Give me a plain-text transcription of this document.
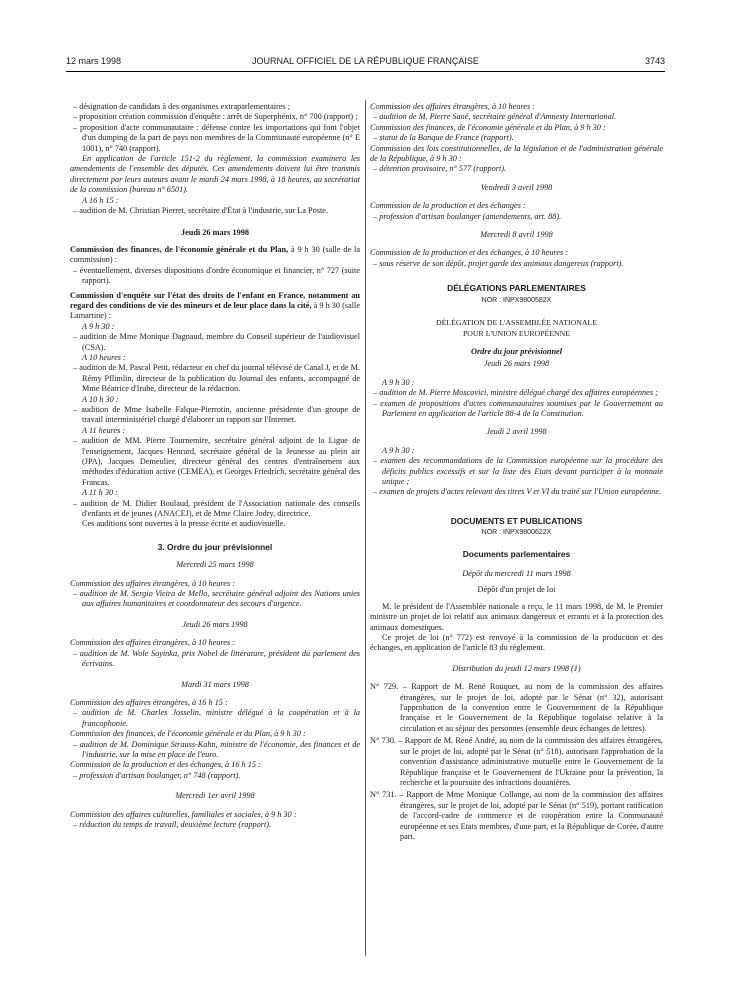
12 mars 1998	JOURNAL OFFICIEL DE LA RÉPUBLIQUE FRANÇAISE	3743

– désignation de candidats à des organismes extraparlementaires ;

– proposition création commission d'enquête : arrêt de Superphénix, n° 700 (rapport) ;

– proposition d'acte communautaire : défense contre les importations qui font l'objet d'un dumping de la part de pays non membres de la Communauté européenne (n° E 1001), n° 740 (rapport).

En application de l'article 151-2 du règlement, la commission examinera les amendements de l'ensemble des députés. Ces amendements doivent lui être transmis directement par leurs auteurs avant le mardi 24 mars 1998, à 18 heures, au secrétariat de la commission (bureau n° 6501).

A 16 h 15 :

– audition de M. Christian Pierret, secrétaire d'État à l'industrie, sur La Poste.

Jeudi 26 mars 1998

Commission des finances, de l'économie générale et du Plan, à 9 h 30 (salle de la commission) :

– éventuellement, diverses dispositions d'ordre économique et financier, n° 727 (suite rapport).

Commission d'enquête sur l'état des droits de l'enfant en France, notamment au regard des conditions de vie des mineurs et de leur place dans la cité, à 9 h 30 (salle Lamartine) :

A 9 h 30 :

– audition de Mme Monique Dagnaud, membre du Conseil supérieur de l'audiovisuel (CSA).

A 10 heures :

– audition de M. Pascal Petit, rédacteur en chef du journal télévisé de Canal J, et de M. Rémy Pflimlin, directeur de la publication du Journal des enfants, accompagné de Mme Béatrice d'Irube, directeur de la rédaction.

A 10 h 30 :

– audition de Mme Isabelle Falque-Pierrotin, ancienne présidente d'un groupe de travail interministériel chargé d'élaborer un rapport sur l'Internet.

A 11 heures :

– audition de MM. Pierre Tournemire, secrétaire général adjoint de la Ligue de l'enseignement, Jacques Henrard, secrétaire général de la Jeunesse au plein air (JPA), Jacques Demeulier, directeur général des centres d'entraînement aux méthodes d'éducation active (CEMEA), et Georges Friedrich, secrétaire général des Francas.

A 11 h 30 :

– audition de M. Didier Boulaud, président de l'Association nationale des conseils d'enfants et de jeunes (ANACEJ), et de Mme Claire Jodry, directrice.

Ces auditions sont ouvertes à la presse écrite et audiovisuelle.

3. Ordre du jour prévisionnel

Mercredi 25 mars 1998

Commission des affaires étrangères, à 10 heures :

– audition de M. Sergio Vieira de Mello, secrétaire général adjoint des Nations unies aux affaires humanitaires et coordonnateur des secours d'urgence.

Jeudi 26 mars 1998

Commission des affaires étrangères, à 10 heures :

– audition de M. Wole Soyinka, prix Nobel de littérature, président du parlement des écrivains.

Mardi 31 mars 1998

Commission des affaires étrangères, à 16 h 15 :

– audition de M. Charles Josselin, ministre délégué à la coopération et à la francophonie.

Commission des finances, de l'économie générale et du Plan, à 9 h 30 :

– audition de M. Dominique Strauss-Kahn, ministre de l'économie, des finances et de l'industrie, sur la mise en place de l'euro.

Commission de la production et des échanges, à 16 h 15 :

– profession d'artisan boulanger, n° 748 (rapport).

Mercredi 1er avril 1998

Commission des affaires culturelles, familiales et sociales, à 9 h 30 :

– réduction du temps de travail, deuxième lecture (rapport).

Commission des affaires étrangères, à 10 heures :

– audition de M. Pierre Sané, secrétaire général d'Amnesty International.

Commission des finances, de l'économie générale et du Plan, à 9 h 30 :

– statut de la Banque de France (rapport).

Commission des lois constitutionnelles, de la législation et de l'administration générale de la République, à 9 h 30 :

– détention provisoire, n° 577 (rapport).

Vendredi 3 avril 1998

Commission de la production et des échanges :

– profession d'artisan boulanger (amendements, art. 88).

Mercredi 8 avril 1998

Commission de la production et des échanges, à 10 heures :

– sous réserve de son dépôt, projet garde des animaux dangereux (rapport).

DÉLÉGATIONS PARLEMENTAIRES

NOR : INPX9800582X

DÉLÉGATION DE L'ASSEMBLÉE NATIONALE

POUR L'UNION EUROPÉENNE

Ordre du jour prévisionnel

Jeudi 26 mars 1998

A 9 h 30 :

– audition de M. Pierre Moscovici, ministre délégué chargé des affaires européennes ;

– examen de propositions d'actes communautaires soumises par le Gouvernement au Parlement en application de l'article 88-4 de la Constitution.

Jeudi 2 avril 1998

A 9 h 30 :

– examen des recommandations de la Commission européenne sur la procédure des déficits publics excessifs et sur la liste des Etats devant participer à la monnaie unique ;

– examen de projets d'actes relevant des titres V et VI du traité sur l'Union européenne.

DOCUMENTS ET PUBLICATIONS

NOR : INPX9800622X

Documents parlementaires

Dépôt du mercredi 11 mars 1998

Dépôt d'un projet de loi

M. le président de l'Assemblée nationale a reçu, le 11 mars 1998, de M. le Premier ministre un projet de loi relatif aux animaux dangereux et errants et à la protection des animaux domestiques.

Ce projet de loi (n° 772) est renvoyé à la commission de la production et des échanges, en application de l'article 83 du règlement.

Distribution du jeudi 12 mars 1998 (1)

N° 729. – Rapport de M. René Rouquet, au nom de la commission des affaires étrangères, sur le projet de loi, adopté par le Sénat (n° 32), autorisant l'approbation de la convention entre le Gouvernement de la République française et le Gouvernement de la République togolaise relative à la circulation et au séjour des personnes (ensemble deux échanges de lettres).

N° 730. – Rapport de M. René André, au nom de la commission des affaires étrangères, sur le projet de loi, adopté par le Sénat (n° 518), autorisant l'approbation de la convention d'assistance administrative mutuelle entre le Gouvernement de la République française et le Gouvernement de l'Ukraine pour la prévention, la recherche et la poursuite des infractions douanières.

N° 731. – Rapport de Mme Monique Collange, au nom de la commission des affaires étrangères, sur le projet de loi, adopté par le Sénat (n° 519), portant ratification de l'accord-cadre de commerce et de coopération entre la Communauté européenne et ses Etats membres, d'une part, et la République de Corée, d'autre part.
